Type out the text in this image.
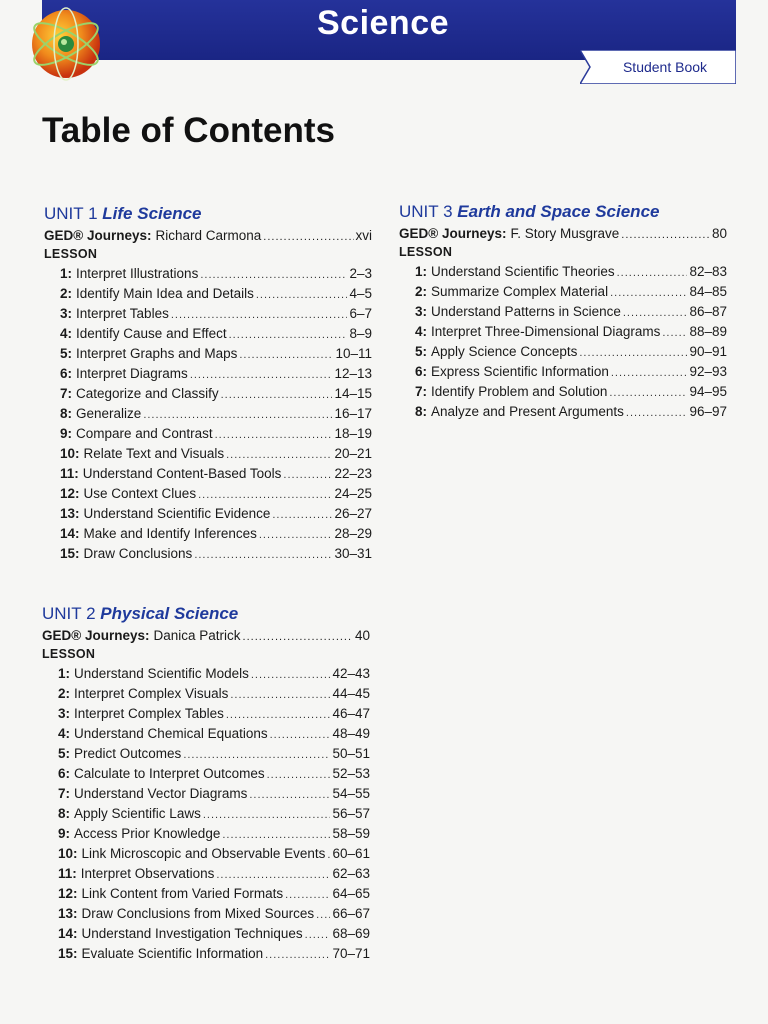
Science
Student Book
Table of Contents
UNIT 1 Life Science
GED® Journeys: Richard Carmona .....	xvi
LESSON
1: Interpret Illustrations .....	2–3
2: Identify Main Idea and Details .....	4–5
3: Interpret Tables .....	6–7
4: Identify Cause and Effect .....	8–9
5: Interpret Graphs and Maps .....	10–11
6: Interpret Diagrams .....	12–13
7: Categorize and Classify .....	14–15
8: Generalize .....	16–17
9: Compare and Contrast .....	18–19
10: Relate Text and Visuals .....	20–21
11: Understand Content-Based Tools .....	22–23
12: Use Context Clues .....	24–25
13: Understand Scientific Evidence .....	26–27
14: Make and Identify Inferences .....	28–29
15: Draw Conclusions .....	30–31
UNIT 2 Physical Science
GED® Journeys: Danica Patrick .....	40
LESSON
1: Understand Scientific Models .....	42–43
2: Interpret Complex Visuals .....	44–45
3: Interpret Complex Tables .....	46–47
4: Understand Chemical Equations .....	48–49
5: Predict Outcomes .....	50–51
6: Calculate to Interpret Outcomes .....	52–53
7: Understand Vector Diagrams .....	54–55
8: Apply Scientific Laws .....	56–57
9: Access Prior Knowledge .....	58–59
10: Link Microscopic and Observable Events ..... 60–61
11: Interpret Observations .....	62–63
12: Link Content from Varied Formats .....	64–65
13: Draw Conclusions from Mixed Sources ..... 66–67
14: Understand Investigation Techniques ..... 68–69
15: Evaluate Scientific Information .....	70–71
UNIT 3 Earth and Space Science
GED® Journeys: F. Story Musgrave .....	80
LESSON
1: Understand Scientific Theories .....	82–83
2: Summarize Complex Material .....	84–85
3: Understand Patterns in Science .....	86–87
4: Interpret Three-Dimensional Diagrams ..... 88–89
5: Apply Science Concepts .....	90–91
6: Express Scientific Information .....	92–93
7: Identify Problem and Solution .....	94–95
8: Analyze and Present Arguments .....	96–97
